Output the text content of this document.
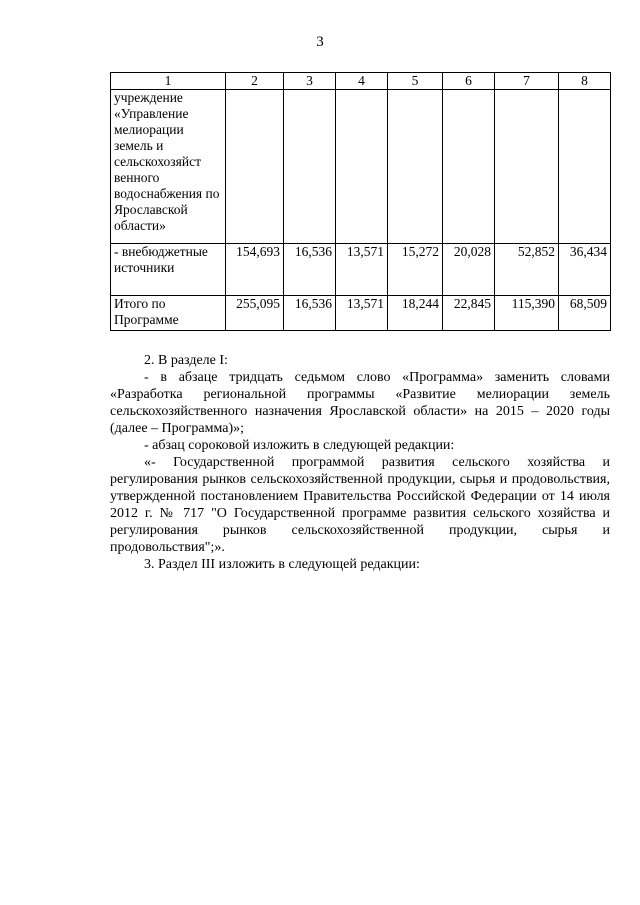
3
1	2	3	4	5	6	7	8
учреждение «Управление мелиорации земель и сельскохозяйст венного водоснабжения по Ярославской области»							
- внебюджетные источники	154,693	16,536	13,571	15,272	20,028	52,852	36,434
Итого по Программе	255,095	16,536	13,571	18,244	22,845	115,390	68,509

2. В разделе I:

- в абзаце тридцать седьмом слово «Программа» заменить словами «Разработка региональной программы «Развитие мелиорации земель сельскохозяйственного назначения Ярославской области» на 2015 – 2020 годы (далее – Программа)»;

- абзац сороковой изложить в следующей редакции:

«- Государственной программой развития сельского хозяйства и регулирования рынков сельскохозяйственной продукции, сырья и продовольствия, утвержденной постановлением Правительства Российской Федерации от 14 июля 2012 г. № 717 "О Государственной программе развития сельского хозяйства и регулирования рынков сельскохозяйственной продукции, сырья и продовольствия";».

3. Раздел III изложить в следующей редакции:
